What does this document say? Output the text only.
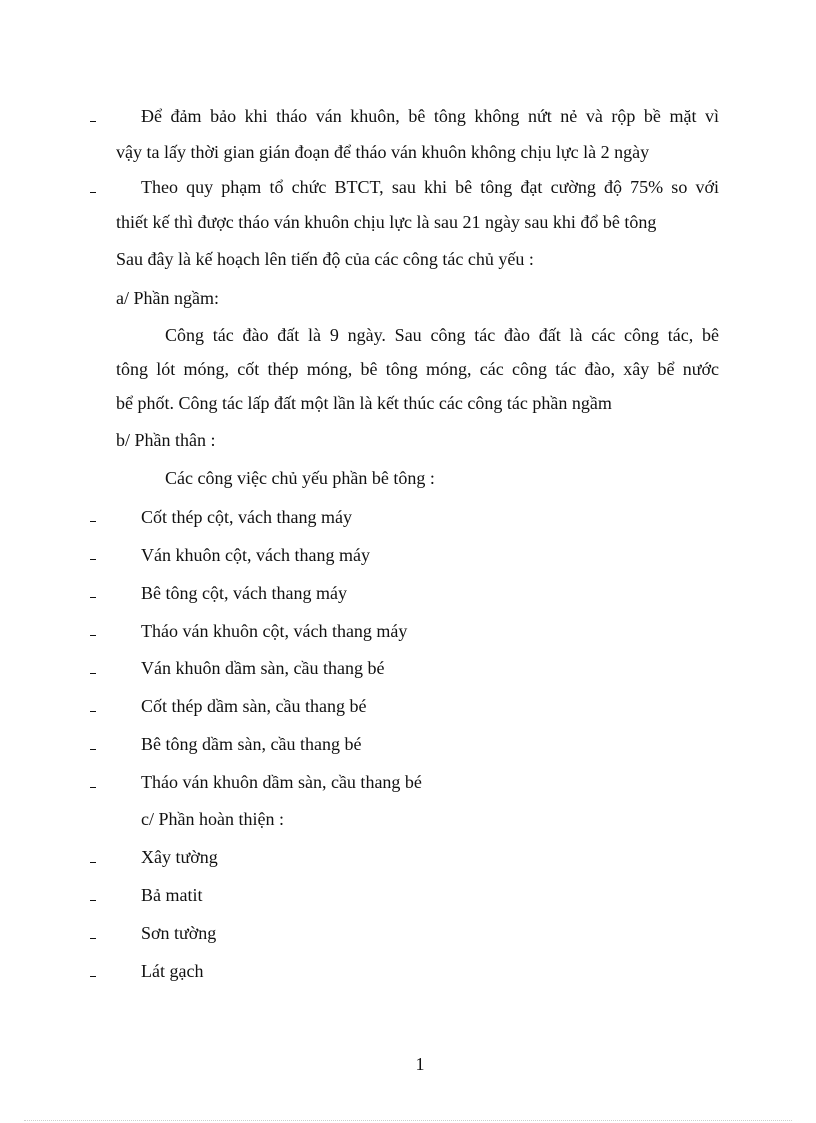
Để đảm bảo khi tháo ván khuôn, bê tông không nứt nẻ và rộp bề mặt vì
vậy ta lấy thời gian gián đoạn để tháo ván khuôn không chịu lực là 2 ngày
Theo quy phạm tổ chức BTCT, sau khi bê tông đạt cường độ 75% so với
thiết kế thì được tháo ván khuôn chịu lực là sau 21 ngày sau khi đổ bê tông
Sau đây là kế hoạch lên tiến độ của các công tác chủ yếu :
a/ Phần ngầm:
Công tác đào đất là 9 ngày. Sau công tác đào đất là các công tác, bê
tông lót móng, cốt thép móng, bê tông móng, các công tác đào, xây bể nước
bể phốt. Công tác lấp đất một lần là kết thúc các công tác phần ngầm
b/ Phần thân :
Các công việc chủ yếu phần bê tông :
Cốt thép cột, vách thang máy
Ván khuôn cột, vách thang máy
Bê tông cột, vách thang máy
Tháo ván khuôn cột, vách thang máy
Ván khuôn dầm sàn, cầu thang bé
Cốt thép dầm sàn, cầu thang bé
Bê tông dầm sàn, cầu thang bé
Tháo ván khuôn dầm sàn, cầu thang bé
c/ Phần hoàn thiện :
Xây tường
Bả matit
Sơn tường
Lát gạch
1
